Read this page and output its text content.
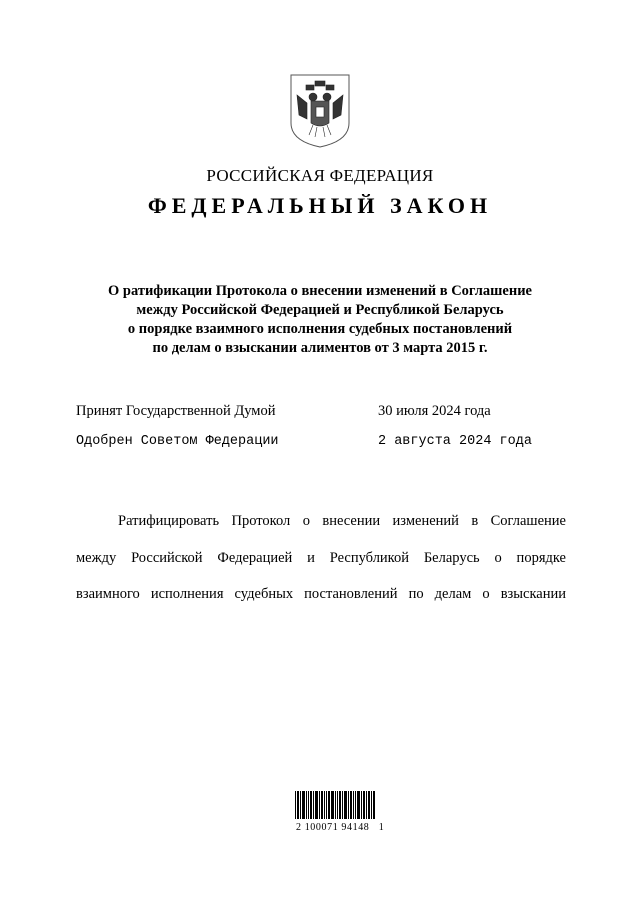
РОССИЙСКАЯ ФЕДЕРАЦИЯ
ФЕДЕРАЛЬНЫЙ ЗАКОН
О ратификации Протокола о внесении изменений в Соглашение
между Российской Федерацией и Республикой Беларусь
о порядке взаимного исполнения судебных постановлений
по делам о взыскании алиментов от 3 марта 2015 г.
Принят Государственной Думой	30 июля 2024 года
Одобрен Советом Федерации	2 августа 2024 года
Ратифицировать Протокол о внесении изменений в Соглашение
между Российской Федерацией и Республикой Беларусь о порядке
взаимного исполнения судебных постановлений по делам о взыскании
2 100071 94148   1
